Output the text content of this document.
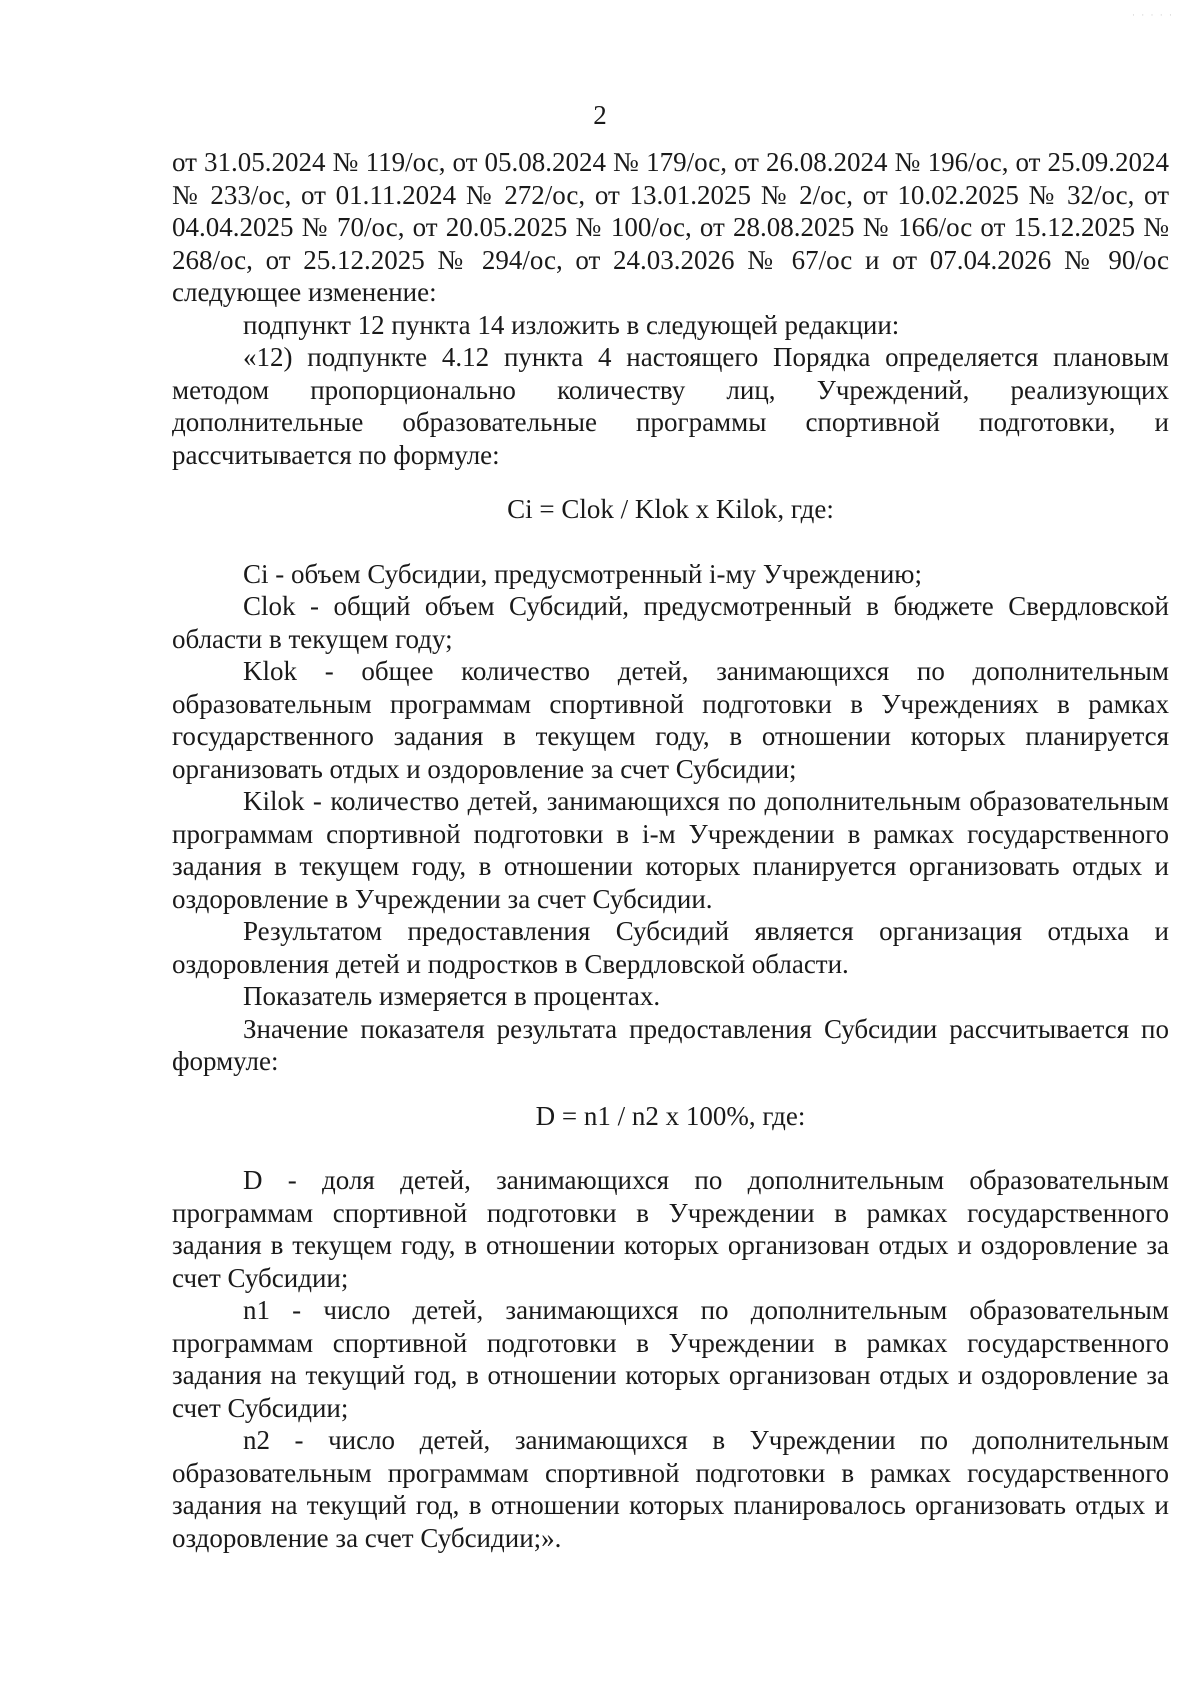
· · · · ·
2

от 31.05.2024 № 119/ос, от 05.08.2024 № 179/ос, от 26.08.2024 № 196/ос, от 25.09.2024 № 233/ос, от 01.11.2024 № 272/ос, от 13.01.2025 № 2/ос, от 10.02.2025 № 32/ос, от 04.04.2025 № 70/ос, от 20.05.2025 № 100/ос, от 28.08.2025 № 166/ос от 15.12.2025 № 268/ос, от 25.12.2025 № 294/ос, от 24.03.2026 № 67/ос и от 07.04.2026 № 90/ос следующее изменение:

подпункт 12 пункта 14 изложить в следующей редакции:

«12) подпункте 4.12 пункта 4 настоящего Порядка определяется плановым методом пропорционально количеству лиц, Учреждений, реализующих дополнительные образовательные программы спортивной подготовки, и рассчитывается по формуле:

Ci = Clok / Klok x Kilok, где:

Ci - объем Субсидии, предусмотренный i-му Учреждению;

Clok - общий объем Субсидий, предусмотренный в бюджете Свердловской области в текущем году;

Klok - общее количество детей, занимающихся по дополнительным образовательным программам спортивной подготовки в Учреждениях в рамках государственного задания в текущем году, в отношении которых планируется организовать отдых и оздоровление за счет Субсидии;

Kilok - количество детей, занимающихся по дополнительным образовательным программам спортивной подготовки в i-м Учреждении в рамках государственного задания в текущем году, в отношении которых планируется организовать отдых и оздоровление в Учреждении за счет Субсидии.

Результатом предоставления Субсидий является организация отдыха и оздоровления детей и подростков в Свердловской области.

Показатель измеряется в процентах.

Значение показателя результата предоставления Субсидии рассчитывается по формуле:

D = n1 / n2 x 100%, где:

D - доля детей, занимающихся по дополнительным образовательным программам спортивной подготовки в Учреждении в рамках государственного задания в текущем году, в отношении которых организован отдых и оздоровление за счет Субсидии;

n1 - число детей, занимающихся по дополнительным образовательным программам спортивной подготовки в Учреждении в рамках государственного задания на текущий год, в отношении которых организован отдых и оздоровление за счет Субсидии;

n2 - число детей, занимающихся в Учреждении по дополнительным образовательным программам спортивной подготовки в рамках государственного задания на текущий год, в отношении которых планировалось организовать отдых и оздоровление за счет Субсидии;».
